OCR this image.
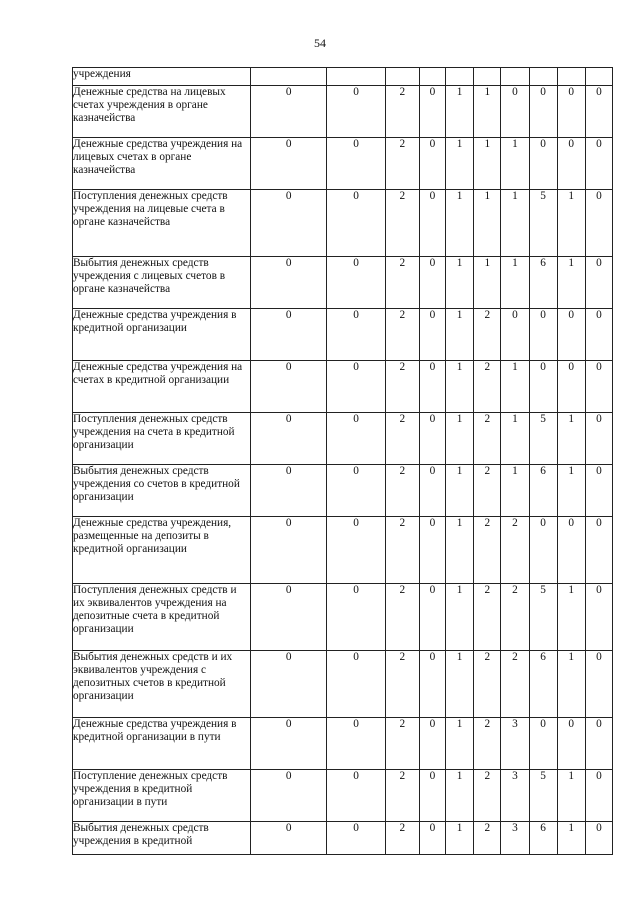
54
учреждения										
Денежные средства на лицевых счетах учреждения в органе казначейства	0	0	2	0	1	1	0	0	0	0
Денежные средства учреждения на лицевых счетах в органе казначейства	0	0	2	0	1	1	1	0	0	0
Поступления денежных средств учреждения на лицевые счета в органе казначейства	0	0	2	0	1	1	1	5	1	0
Выбытия денежных средств учреждения с лицевых счетов в органе казначейства	0	0	2	0	1	1	1	6	1	0
Денежные средства учреждения в кредитной организации	0	0	2	0	1	2	0	0	0	0
Денежные средства учреждения на счетах в кредитной организации	0	0	2	0	1	2	1	0	0	0
Поступления денежных средств учреждения на счета в кредитной организации	0	0	2	0	1	2	1	5	1	0
Выбытия денежных средств учреждения со счетов в кредитной организации	0	0	2	0	1	2	1	6	1	0
Денежные средства учреждения, размещенные на депозиты в кредитной организации	0	0	2	0	1	2	2	0	0	0
Поступления денежных средств и их эквивалентов учреждения на депозитные счета в кредитной организации	0	0	2	0	1	2	2	5	1	0
Выбытия денежных средств и их эквивалентов учреждения с депозитных счетов в кредитной организации	0	0	2	0	1	2	2	6	1	0
Денежные средства учреждения в кредитной организации в пути	0	0	2	0	1	2	3	0	0	0
Поступление денежных средств учреждения в кредитной организации в пути	0	0	2	0	1	2	3	5	1	0
Выбытия денежных средств учреждения в кредитной	0	0	2	0	1	2	3	6	1	0
